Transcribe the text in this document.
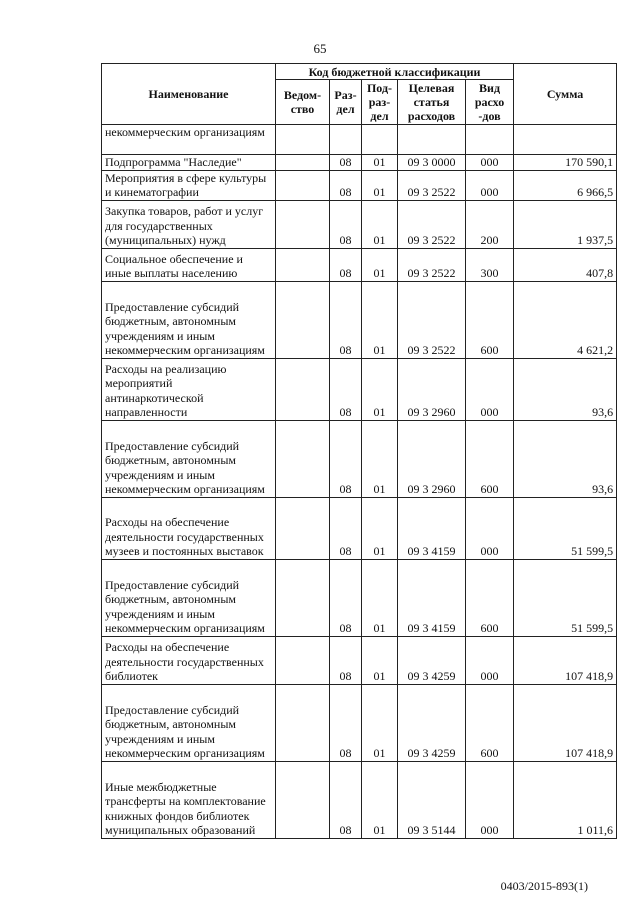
65
Наименование	Код бюджетной классификации					Сумма
	Ведом-ство	Раз-дел	Под-раз-дел	Целевая статья расходов	Вид расхо -дов	
некоммерческим организациям						
Подпрограмма "Наследие"		08	01	09 3 0000	000	170 590,1
Мероприятия в сфере культуры и кинематографии		08	01	09 3 2522	000	6 966,5
Закупка товаров, работ и услуг для государственных (муниципальных) нужд		08	01	09 3 2522	200	1 937,5
Социальное обеспечение и иные выплаты населению		08	01	09 3 2522	300	407,8
Предоставление субсидий бюджетным, автономным учреждениям и иным некоммерческим организациям		08	01	09 3 2522	600	4 621,2
Расходы на реализацию мероприятий антинаркотической направленности		08	01	09 3 2960	000	93,6
Предоставление субсидий бюджетным, автономным учреждениям и иным некоммерческим организациям		08	01	09 3 2960	600	93,6
Расходы на обеспечение деятельности государственных музеев и постоянных выставок		08	01	09 3 4159	000	51 599,5
Предоставление субсидий бюджетным, автономным учреждениям и иным некоммерческим организациям		08	01	09 3 4159	600	51 599,5
Расходы на обеспечение деятельности государственных библиотек		08	01	09 3 4259	000	107 418,9
Предоставление субсидий бюджетным, автономным учреждениям и иным некоммерческим организациям		08	01	09 3 4259	600	107 418,9
Иные межбюджетные трансферты на комплектование книжных фондов библиотек муниципальных образований		08	01	09 3 5144	000	1 011,6
0403/2015-893(1)
